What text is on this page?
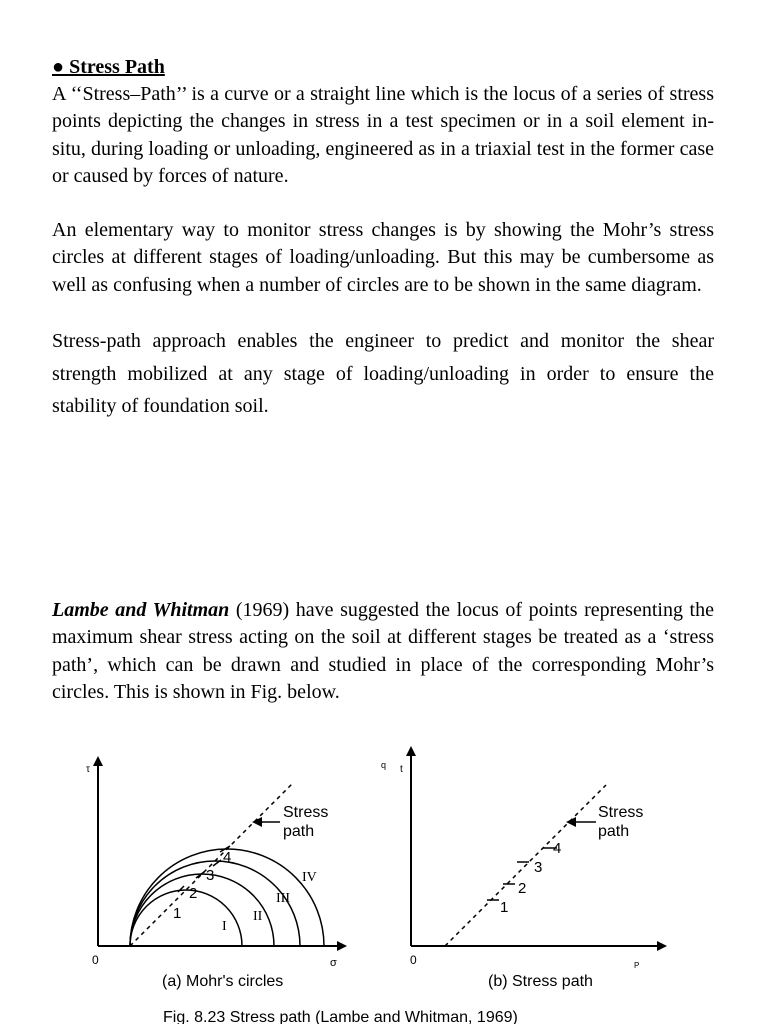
● Stress Path

A ‘‘Stress–Path’’ is a curve or a straight line which is the locus of a series of stress points depicting the changes in stress in a test specimen or in a soil element in-situ, during loading or unloading, engineered as in a triaxial test in the former case or caused by forces of nature.

An elementary way to monitor stress changes is by showing the Mohr’s stress circles at different stages of loading/unloading. But this may be cumbersome as well as confusing when a number of circles are to be shown in the same diagram.

Stress-path approach enables the engineer to predict and monitor the shear strength mobilized at any stage of loading/unloading in order to ensure the stability of foundation soil.

Lambe and Whitman (1969) have suggested the locus of points representing the maximum shear stress acting on the soil at different stages be treated as a ‘stress path’, which can be drawn and studied in place of the corresponding Mohr’s circles. This is shown in Fig. below.

τ
σ
0
1
2
3
4
I
II
III
IV
Stress
path
(a) Mohr's circles
q t
P
0
1
2
3
4
Stress
path
(b) Stress path
Fig. 8.23 Stress path (Lambe and Whitman, 1969)
